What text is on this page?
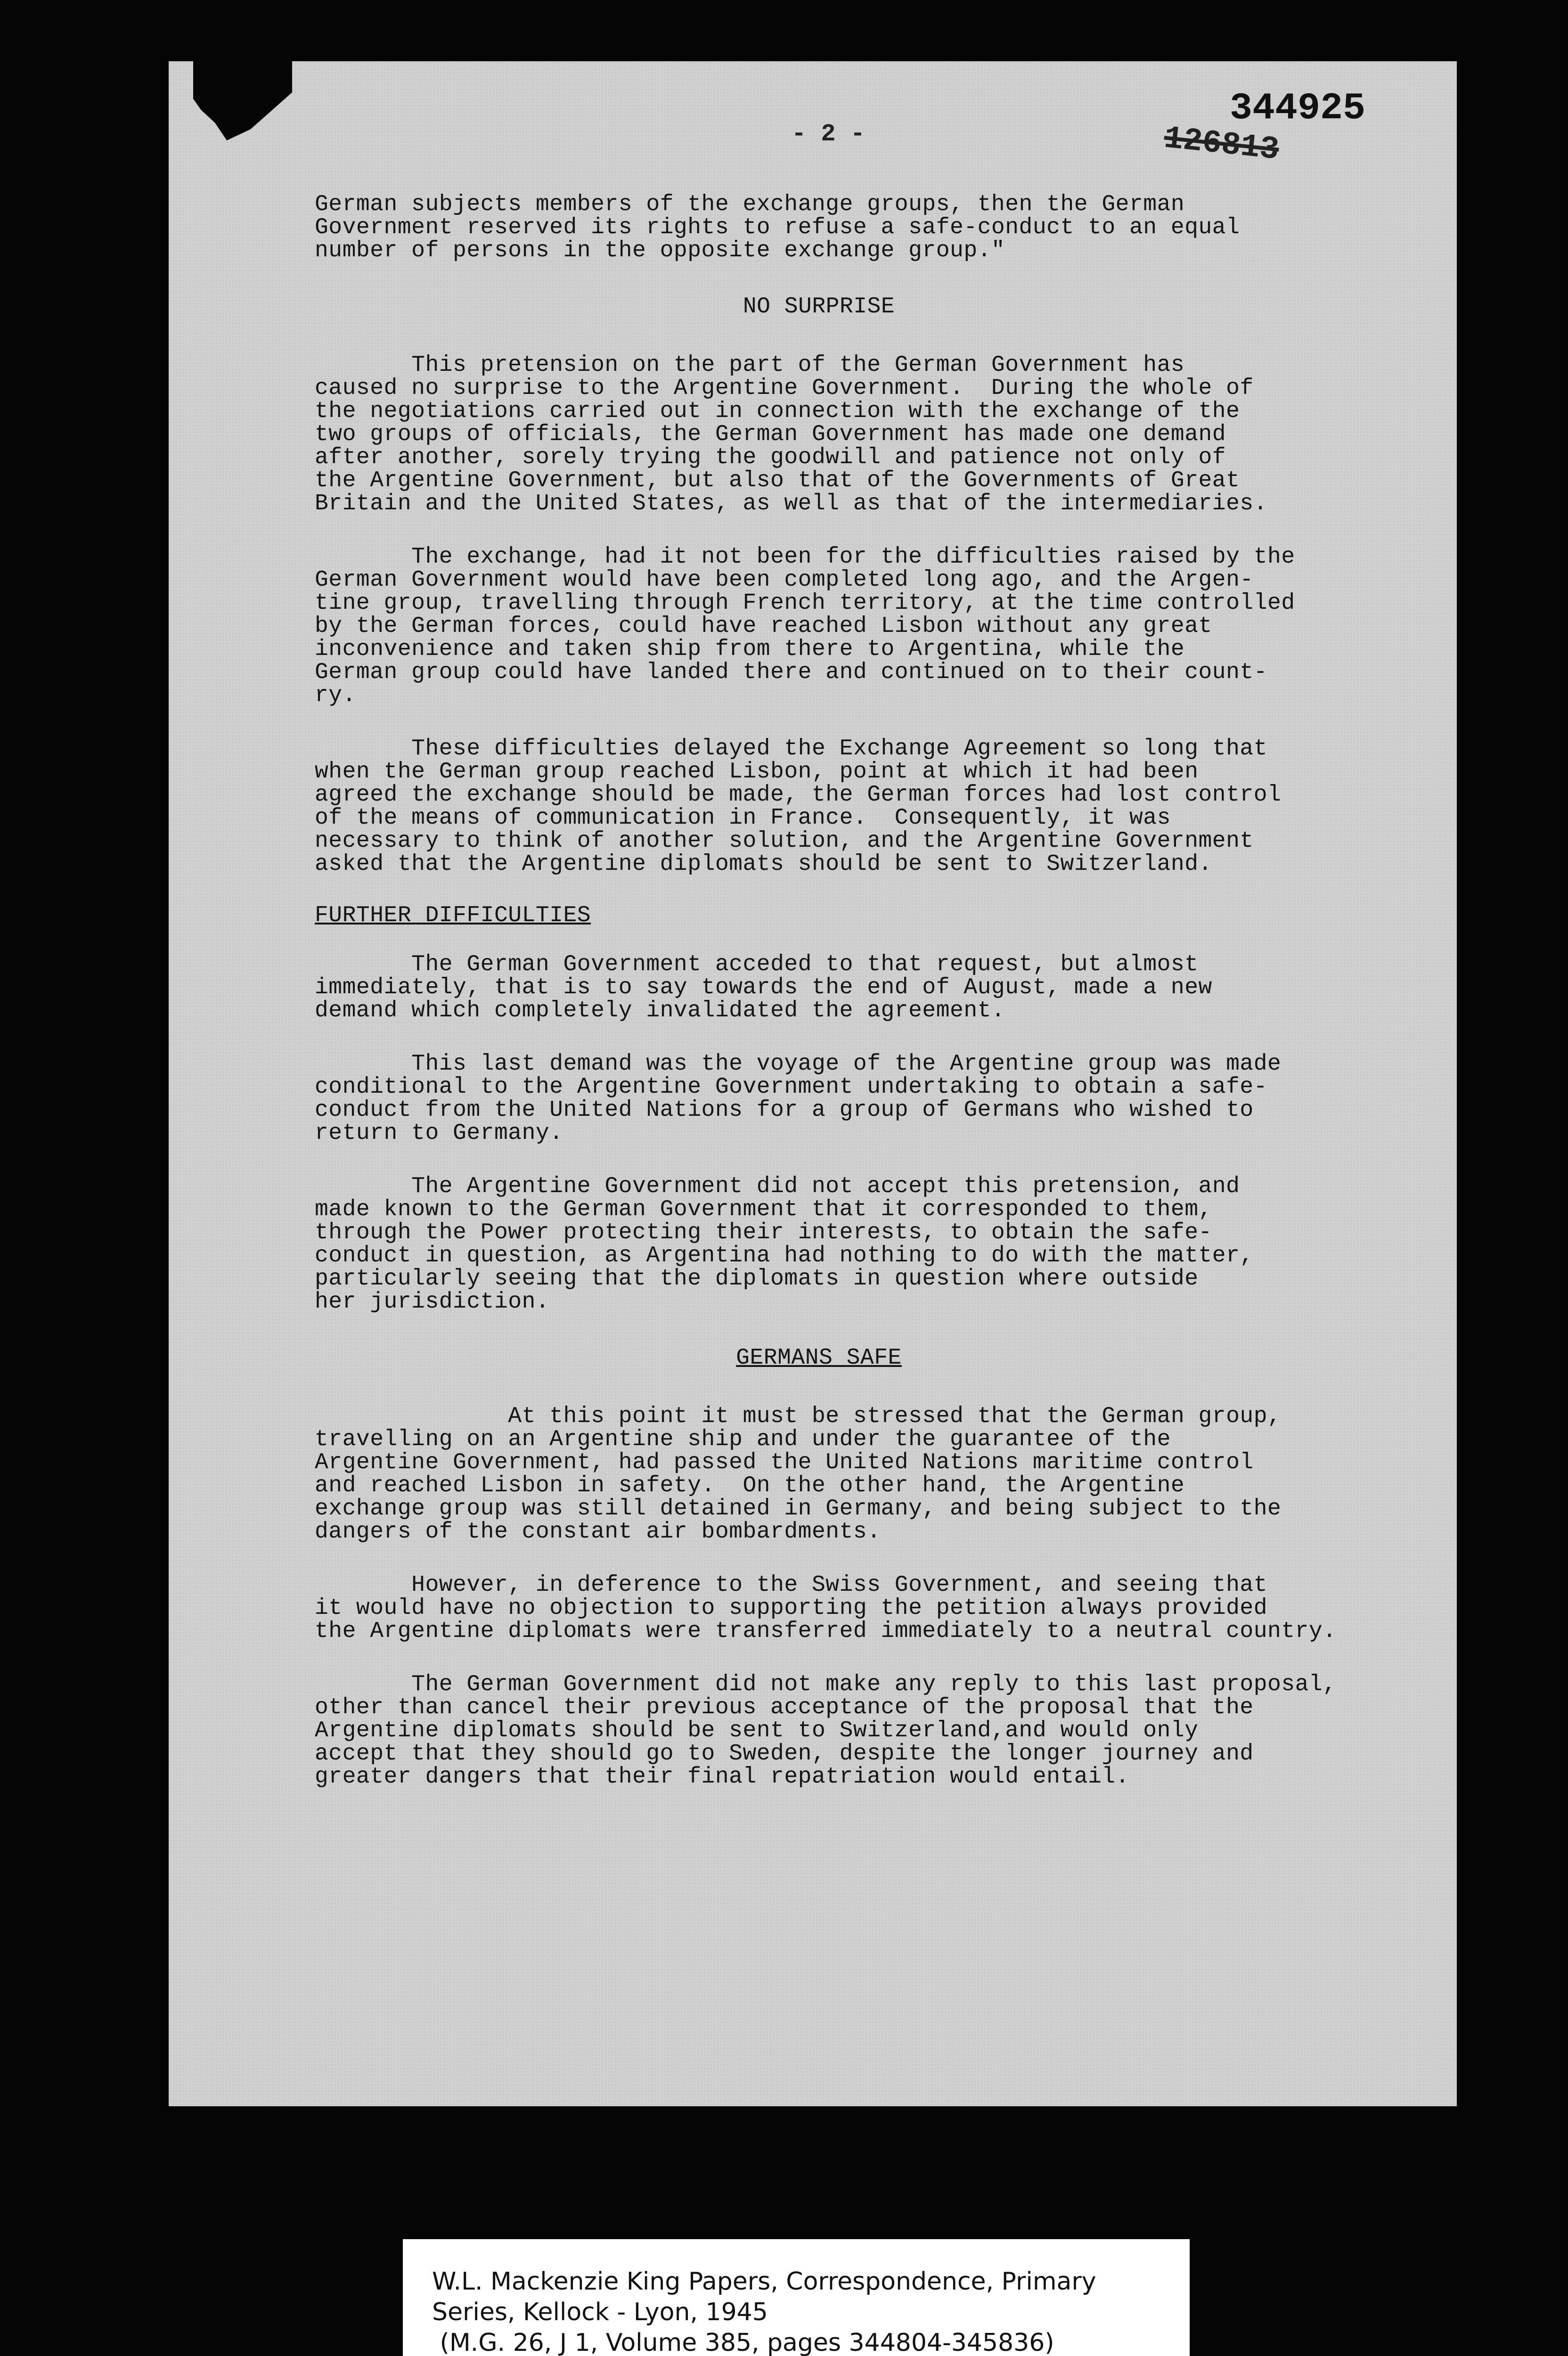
- 2 -
344925
126813

German subjects members of the exchange groups, then the German

Government reserved its rights to refuse a safe-conduct to an equal

number of persons in the opposite exchange group."

NO SURPRISE

This pretension on the part of the German Government has

caused no surprise to the Argentine Government.  During the whole of

the negotiations carried out in connection with the exchange of the

two groups of officials, the German Government has made one demand

after another, sorely trying the goodwill and patience not only of

the Argentine Government, but also that of the Governments of Great

Britain and the United States, as well as that of the intermediaries.

The exchange, had it not been for the difficulties raised by the

German Government would have been completed long ago, and the Argen-

tine group, travelling through French territory, at the time controlled

by the German forces, could have reached Lisbon without any great

inconvenience and taken ship from there to Argentina, while the

German group could have landed there and continued on to their count-

ry.

These difficulties delayed the Exchange Agreement so long that

when the German group reached Lisbon, point at which it had been

agreed the exchange should be made, the German forces had lost control

of the means of communication in France.  Consequently, it was

necessary to think of another solution, and the Argentine Government

asked that the Argentine diplomats should be sent to Switzerland.

FURTHER DIFFICULTIES

The German Government acceded to that request, but almost

immediately, that is to say towards the end of August, made a new

demand which completely invalidated the agreement.

This last demand was the voyage of the Argentine group was made

conditional to the Argentine Government undertaking to obtain a safe-

conduct from the United Nations for a group of Germans who wished to

return to Germany.

The Argentine Government did not accept this pretension, and

made known to the German Government that it corresponded to them,

through the Power protecting their interests, to obtain the safe-

conduct in question, as Argentina had nothing to do with the matter,

particularly seeing that the diplomats in question where outside

her jurisdiction.

GERMANS SAFE

At this point it must be stressed that the German group,

travelling on an Argentine ship and under the guarantee of the

Argentine Government, had passed the United Nations maritime control

and reached Lisbon in safety.  On the other hand, the Argentine

exchange group was still detained in Germany, and being subject to the

dangers of the constant air bombardments.

However, in deference to the Swiss Government, and seeing that

it would have no objection to supporting the petition always provided

the Argentine diplomats were transferred immediately to a neutral country.

The German Government did not make any reply to this last proposal,

other than cancel their previous acceptance of the proposal that the

Argentine diplomats should be sent to Switzerland,and would only

accept that they should go to Sweden, despite the longer journey and

greater dangers that their final repatriation would entail.

W.L. Mackenzie King Papers, Correspondence, Primary

Series, Kellock - Lyon, 1945

(M.G. 26, J 1, Volume 385, pages 344804-345836)
